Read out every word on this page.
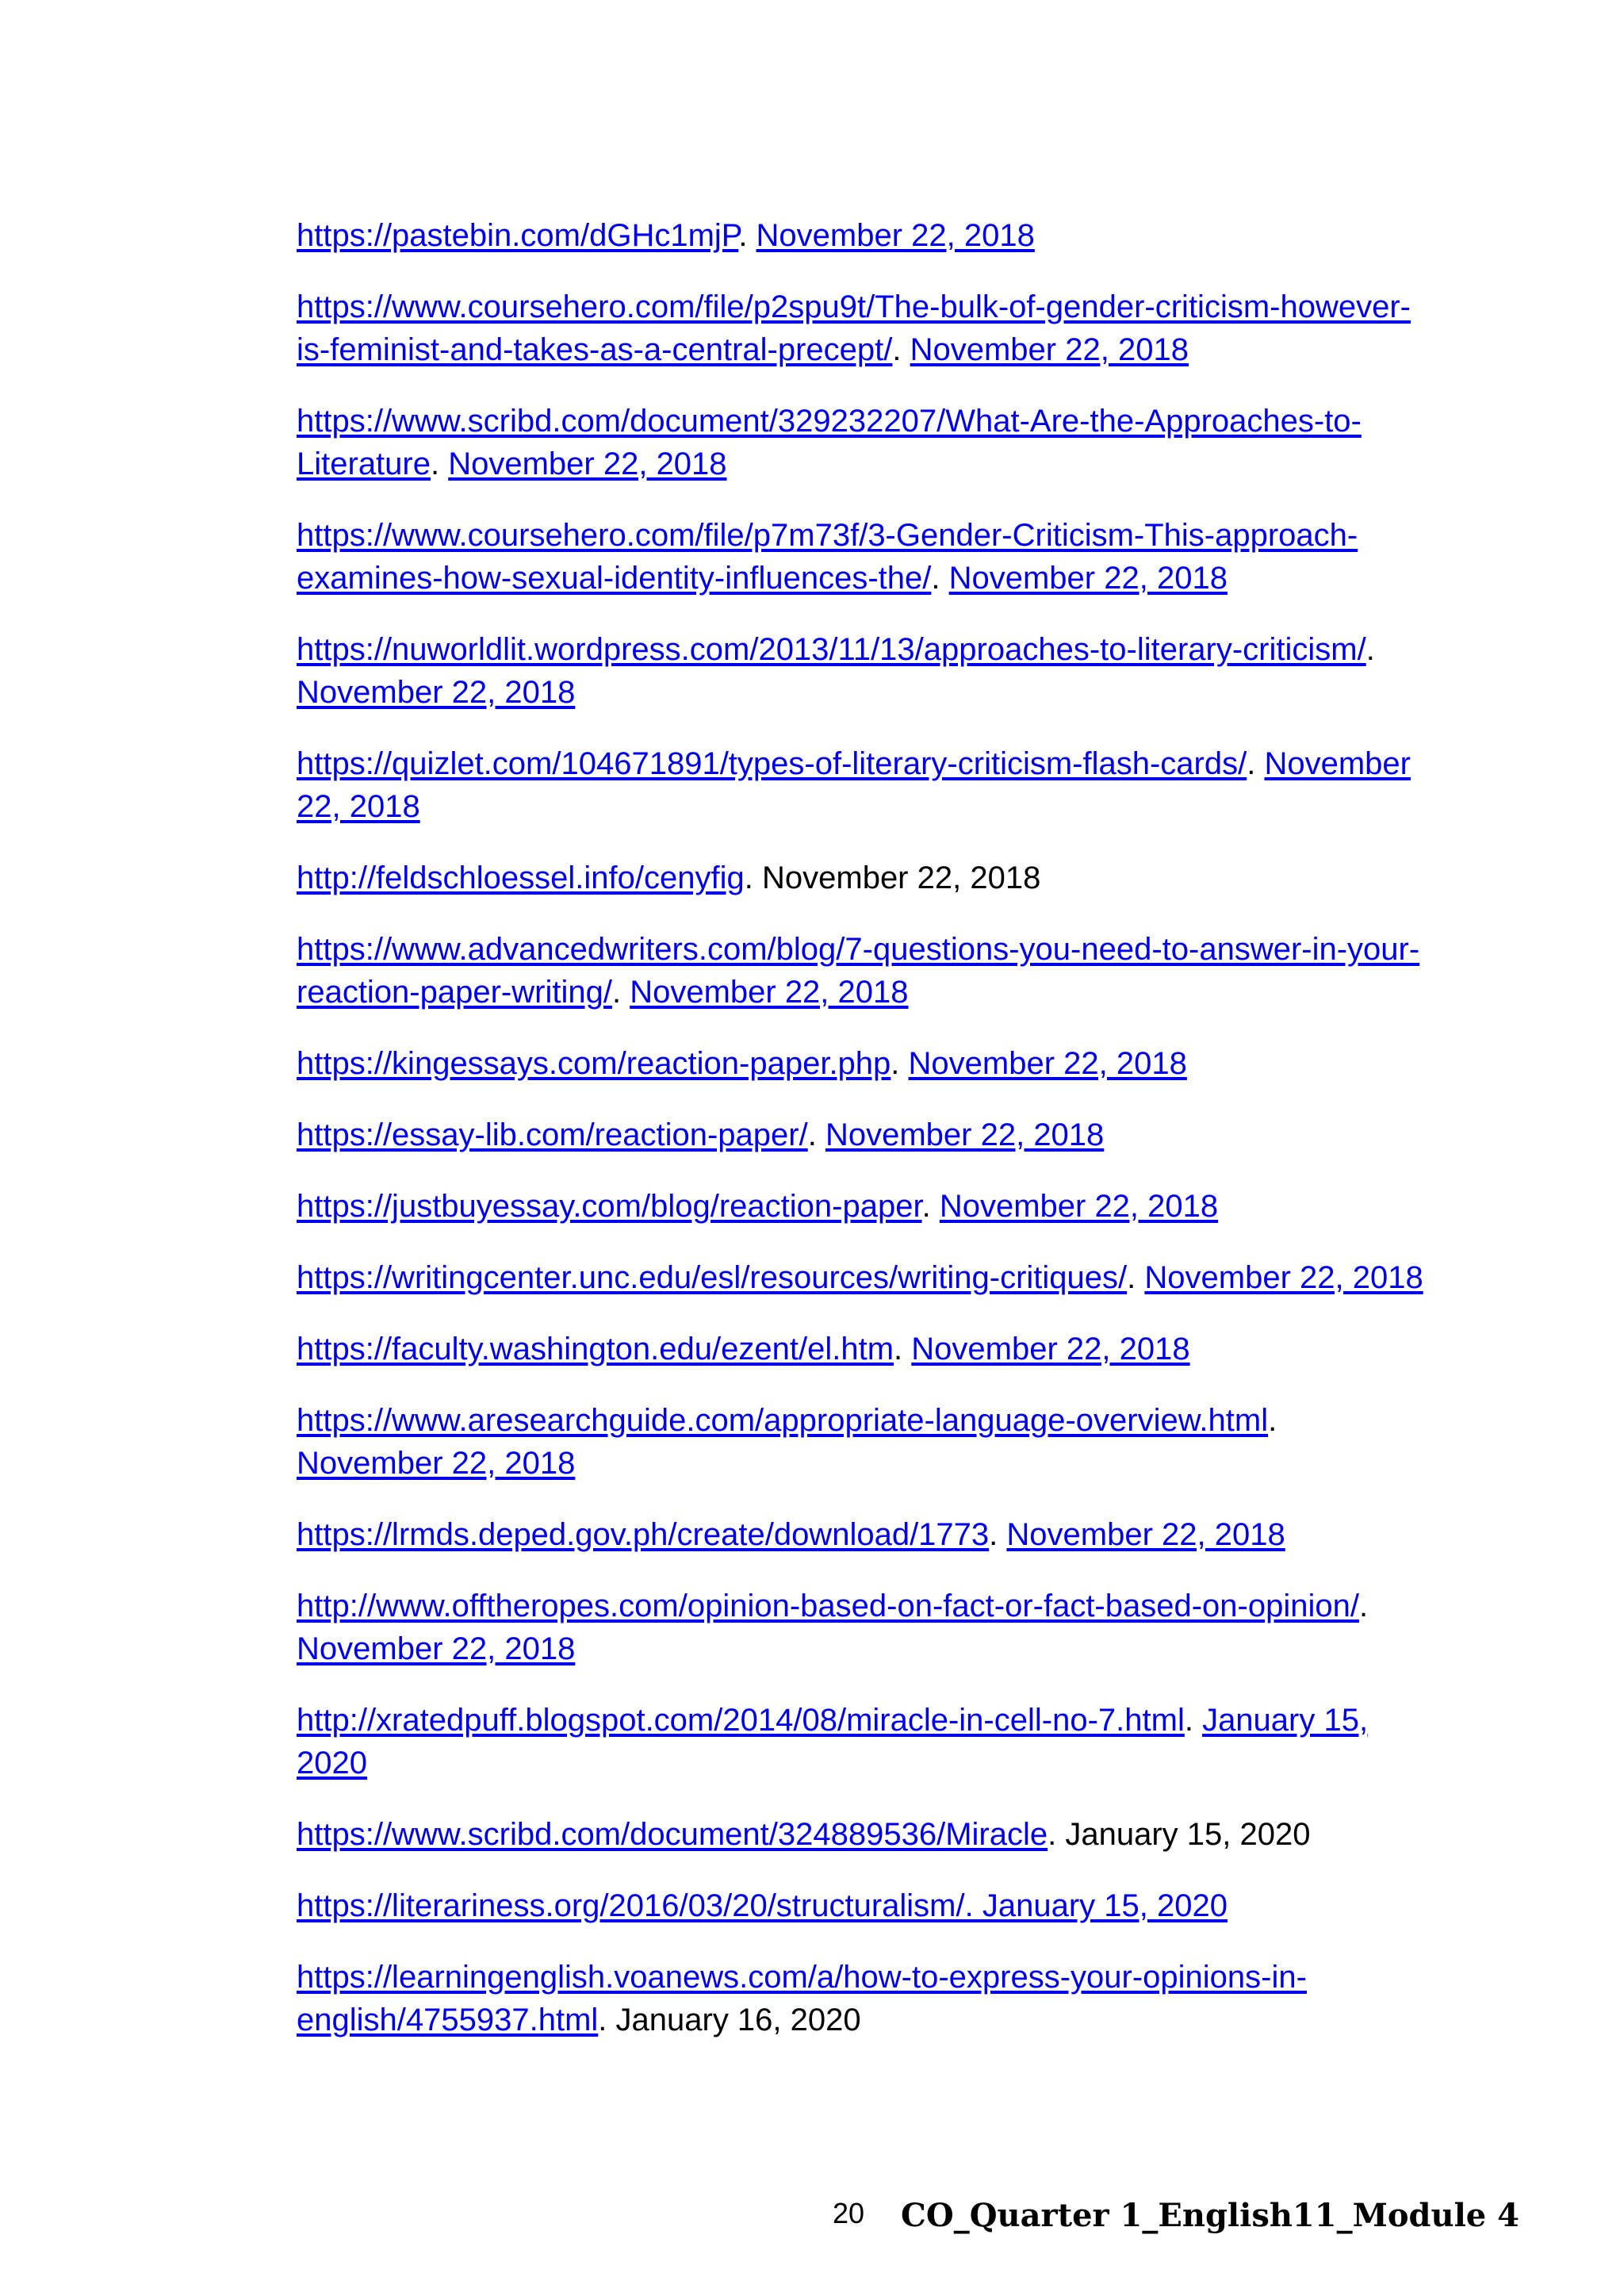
https://pastebin.com/dGHc1mjP. November 22, 2018

https://www.coursehero.com/file/p2spu9t/The-bulk-of-gender-criticism-however-is-feminist-and-takes-as-a-central-precept/. November 22, 2018

https://www.scribd.com/document/329232207/What-Are-the-Approaches-to-Literature. November 22, 2018

https://www.coursehero.com/file/p7m73f/3-Gender-Criticism-This-approach-examines-how-sexual-identity-influences-the/. November 22, 2018

https://nuworldlit.wordpress.com/2013/11/13/approaches-to-literary-criticism/. November 22, 2018

https://quizlet.com/104671891/types-of-literary-criticism-flash-cards/. November 22, 2018

http://feldschloessel.info/cenyfig. November 22, 2018

https://www.advancedwriters.com/blog/7-questions-you-need-to-answer-in-your-reaction-paper-writing/. November 22, 2018

https://kingessays.com/reaction-paper.php. November 22, 2018

https://essay-lib.com/reaction-paper/. November 22, 2018

https://justbuyessay.com/blog/reaction-paper. November 22, 2018

https://writingcenter.unc.edu/esl/resources/writing-critiques/. November 22, 2018

https://faculty.washington.edu/ezent/el.htm. November 22, 2018

https://www.aresearchguide.com/appropriate-language-overview.html. November 22, 2018

https://lrmds.deped.gov.ph/create/download/1773. November 22, 2018

http://www.offtheropes.com/opinion-based-on-fact-or-fact-based-on-opinion/. November 22, 2018

http://xratedpuff.blogspot.com/2014/08/miracle-in-cell-no-7.html. January 15, 2020

https://www.scribd.com/document/324889536/Miracle. January 15, 2020

https://literariness.org/2016/03/20/structuralism/. January 15, 2020

https://learningenglish.voanews.com/a/how-to-express-your-opinions-in-english/4755937.html. January 16, 2020

20	CO_Quarter 1_English11_Module 4
